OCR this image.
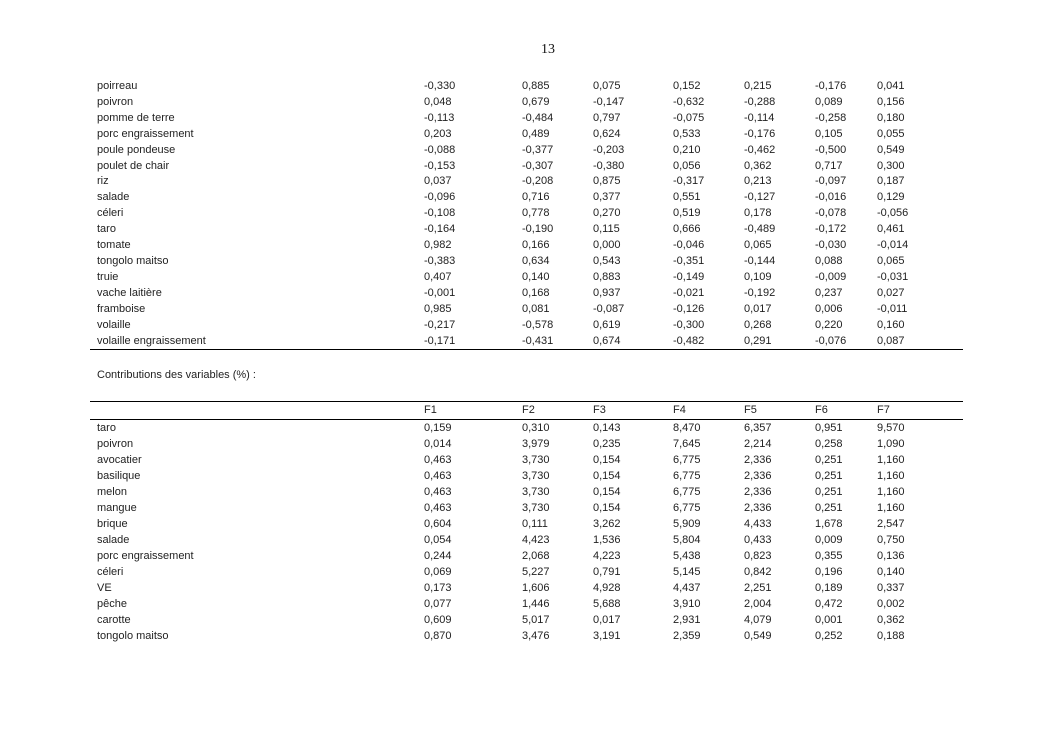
13
poirreau	-0,330	0,885	0,075	0,152	0,215	-0,176	0,041
poivron	0,048	0,679	-0,147	-0,632	-0,288	0,089	0,156
pomme de terre	-0,113	-0,484	0,797	-0,075	-0,114	-0,258	0,180
porc engraissement	0,203	0,489	0,624	0,533	-0,176	0,105	0,055
poule pondeuse	-0,088	-0,377	-0,203	0,210	-0,462	-0,500	0,549
poulet de chair	-0,153	-0,307	-0,380	0,056	0,362	0,717	0,300
riz	0,037	-0,208	0,875	-0,317	0,213	-0,097	0,187
salade	-0,096	0,716	0,377	0,551	-0,127	-0,016	0,129
céleri	-0,108	0,778	0,270	0,519	0,178	-0,078	-0,056
taro	-0,164	-0,190	0,115	0,666	-0,489	-0,172	0,461
tomate	0,982	0,166	0,000	-0,046	0,065	-0,030	-0,014
tongolo maitso	-0,383	0,634	0,543	-0,351	-0,144	0,088	0,065
truie	0,407	0,140	0,883	-0,149	0,109	-0,009	-0,031
vache laitière	-0,001	0,168	0,937	-0,021	-0,192	0,237	0,027
framboise	0,985	0,081	-0,087	-0,126	0,017	0,006	-0,011
volaille	-0,217	-0,578	0,619	-0,300	0,268	0,220	0,160
volaille engraissement	-0,171	-0,431	0,674	-0,482	0,291	-0,076	0,087
Contributions des variables (%) :
	F1	F2	F3	F4	F5	F6	F7
taro	0,159	0,310	0,143	8,470	6,357	0,951	9,570
poivron	0,014	3,979	0,235	7,645	2,214	0,258	1,090
avocatier	0,463	3,730	0,154	6,775	2,336	0,251	1,160
basilique	0,463	3,730	0,154	6,775	2,336	0,251	1,160
melon	0,463	3,730	0,154	6,775	2,336	0,251	1,160
mangue	0,463	3,730	0,154	6,775	2,336	0,251	1,160
brique	0,604	0,111	3,262	5,909	4,433	1,678	2,547
salade	0,054	4,423	1,536	5,804	0,433	0,009	0,750
porc engraissement	0,244	2,068	4,223	5,438	0,823	0,355	0,136
céleri	0,069	5,227	0,791	5,145	0,842	0,196	0,140
VE	0,173	1,606	4,928	4,437	2,251	0,189	0,337
pêche	0,077	1,446	5,688	3,910	2,004	0,472	0,002
carotte	0,609	5,017	0,017	2,931	4,079	0,001	0,362
tongolo maitso	0,870	3,476	3,191	2,359	0,549	0,252	0,188
